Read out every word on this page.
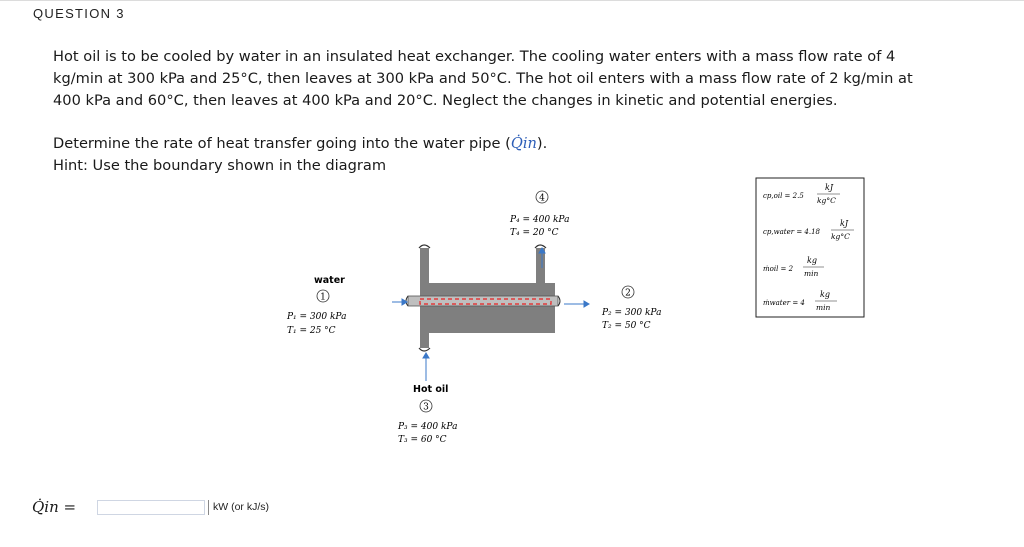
QUESTION 3
Hot oil is to be cooled by water in an insulated heat exchanger. The cooling water enters with a mass flow rate of 4 kg/min at 300 kPa and 25°C, then leaves at 300 kPa and 50°C. The hot oil enters with a mass flow rate of 2 kg/min at 400 kPa and 60°C, then leaves at 400 kPa and 20°C. Neglect the changes in kinetic and potential energies.
Determine the rate of heat transfer going into the water pipe (Q̇in).
Hint: Use the boundary shown in the diagram
4
P₄ = 400 kPa
T₄ = 20 °C
water
1
P₁ = 300 kPa
T₁ = 25 °C
2
P₂ = 300 kPa
T₂ = 50 °C
Hot oil
3
P₃ = 400 kPa
T₃ = 60 °C
cp,oil = 2.5
kJ
kg°C
cp,water = 4.18
kJ
kg°C
ṁoil = 2
kg
min
ṁwater = 4
kg
min
Q̇in =	kW (or kJ/s)
